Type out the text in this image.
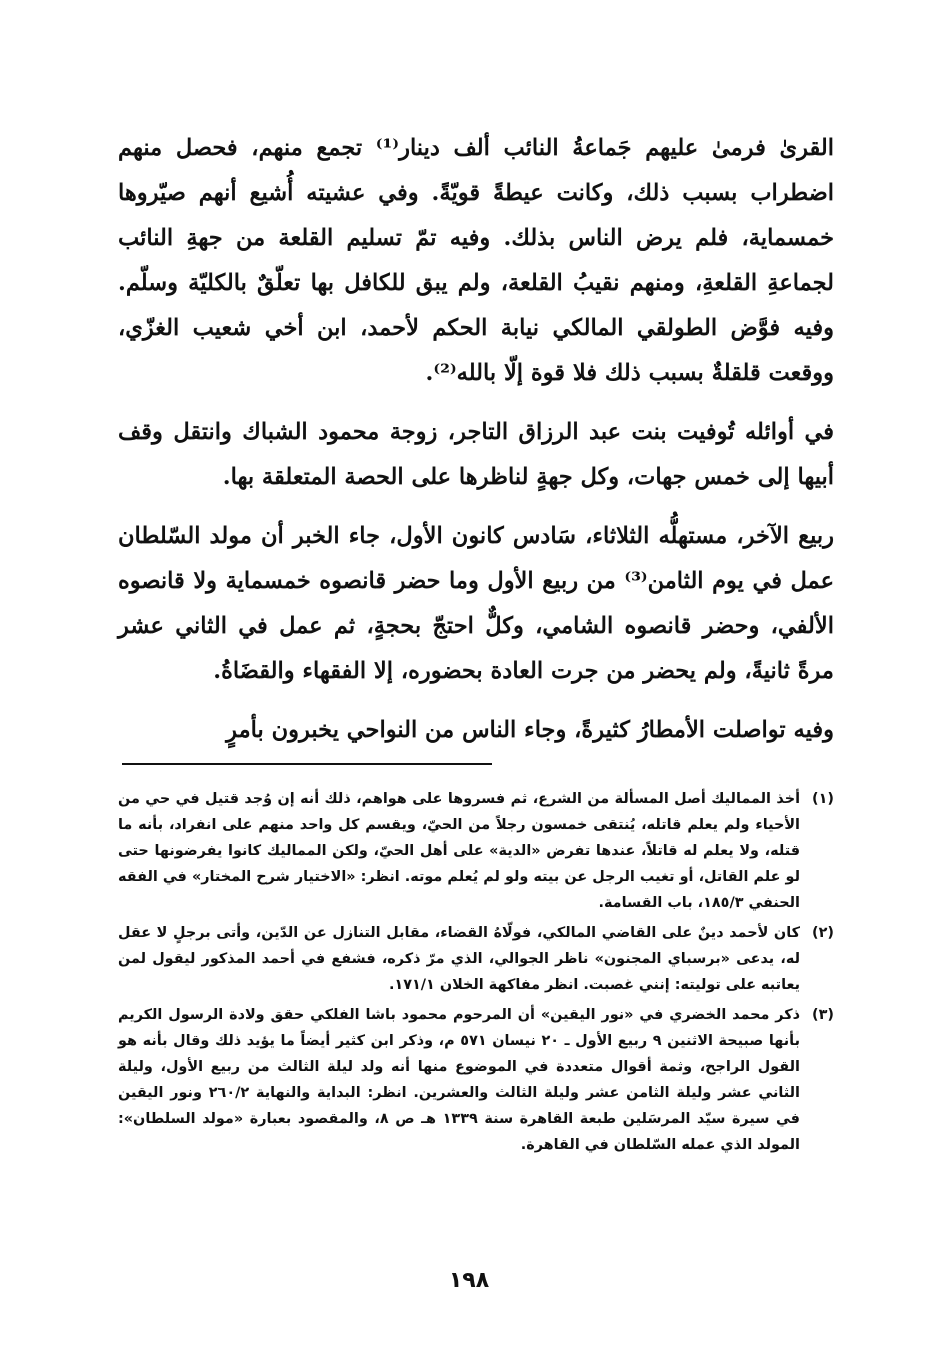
القرىٰ فرمىٰ عليهم جَماعةُ النائب ألف دينار⁽¹⁾ تجمع منهم، فحصل منهم اضطراب بسبب ذلك، وكانت عيطةً قويّةً. وفي عشيته أُشيع أنهم صيّروها خمسماية، فلم يرض الناس بذلك. وفيه تمّ تسليم القلعة من جهةِ النائب لجماعةِ القلعةِ، ومنهم نقيبُ القلعة، ولم يبق للكافل بها تعلّقٌ بالكليّة وسلّم. وفيه فوَّض الطولقي المالكي نيابة الحكم لأحمد، ابن أخي شعيب الغزّي، ووقعت قلقلةٌ بسبب ذلك فلا قوة إلّا بالله⁽²⁾.

في أوائله تُوفيت بنت عبد الرزاق التاجر، زوجة محمود الشباك وانتقل وقف أبيها إلى خمس جهات، وكل جهةٍ لناظرها على الحصة المتعلقة بها.

ربيع الآخر، مستهلُّه الثلاثاء، سَادس كانون الأول، جاء الخبر أن مولد السّلطان عمل في يوم الثامن⁽³⁾ من ربيع الأول وما حضر قانصوه خمسماية ولا قانصوه الألفي، وحضر قانصوه الشامي، وكلٌّ احتجّ بحجةٍ، ثم عمل في الثاني عشر مرةً ثانيةً، ولم يحضر من جرت العادة بحضوره، إلا الفقهاء والقضَاةُ.

وفيه تواصلت الأمطارُ كثيرةً، وجاء الناس من النواحي يخبرون بأمرٍ

(١)
أخذ المماليك أصل المسألة من الشرع، ثم فسروها على هواهم، ذلك أنه إن وُجد قتيل في حي من الأحياء ولم يعلم قاتله، يُنتقى خمسون رجلاً من الحيّ، ويقسم كل واحد منهم على انفراد، بأنه ما قتله، ولا يعلم له قاتلاً، عندها تفرض «الدية» على أهل الحيّ، ولكن المماليك كانوا يفرضونها حتى لو علم القاتل، أو تغيب الرجل عن بيته ولو لم يُعلم موته. انظر: «الاختيار شرح المختار» في الفقه الحنفي ١٨٥/٣، باب القسامة.

(٢)
كان لأحمد دينٌ على القاضي المالكي، فولّاهُ القضاء، مقابل التنازل عن الدّين، وأتى برجلٍ لا عقل له، يدعى «برسباي المجنون» ناظر الجوالي، الذي مرّ ذكره، فشفع في أحمد المذكور ليقول لمن يعاتبه على توليته: إنني غصبت. انظر مفاكهة الخلان ١٧١/١.

(٣)
ذكر محمد الخضري في «نور اليقين» أن المرحوم محمود باشا الفلكي حقق ولادة الرسول الكريم بأنها صبيحة الاثنين ٩ ربيع الأول ـ ٢٠ نيسان ٥٧١ م، وذكر ابن كثير أيضاً ما يؤيد ذلك وقال بأنه هو القول الراجح، وثمة أقوال متعددة في الموضوع منها أنه ولد ليلة الثالث من ربيع الأول، وليلة الثاني عشر وليلة الثامن عشر وليلة الثالث والعشرين. انظر: البداية والنهاية ٢٦٠/٢ ونور اليقين في سيرة سيّد المرسَلين طبعة القاهرة سنة ١٣٣٩ هـ ص ٨، والمقصود بعبارة «مولد السلطان»: المولد الذي عمله السّلطان في القاهرة.

١٩٨
